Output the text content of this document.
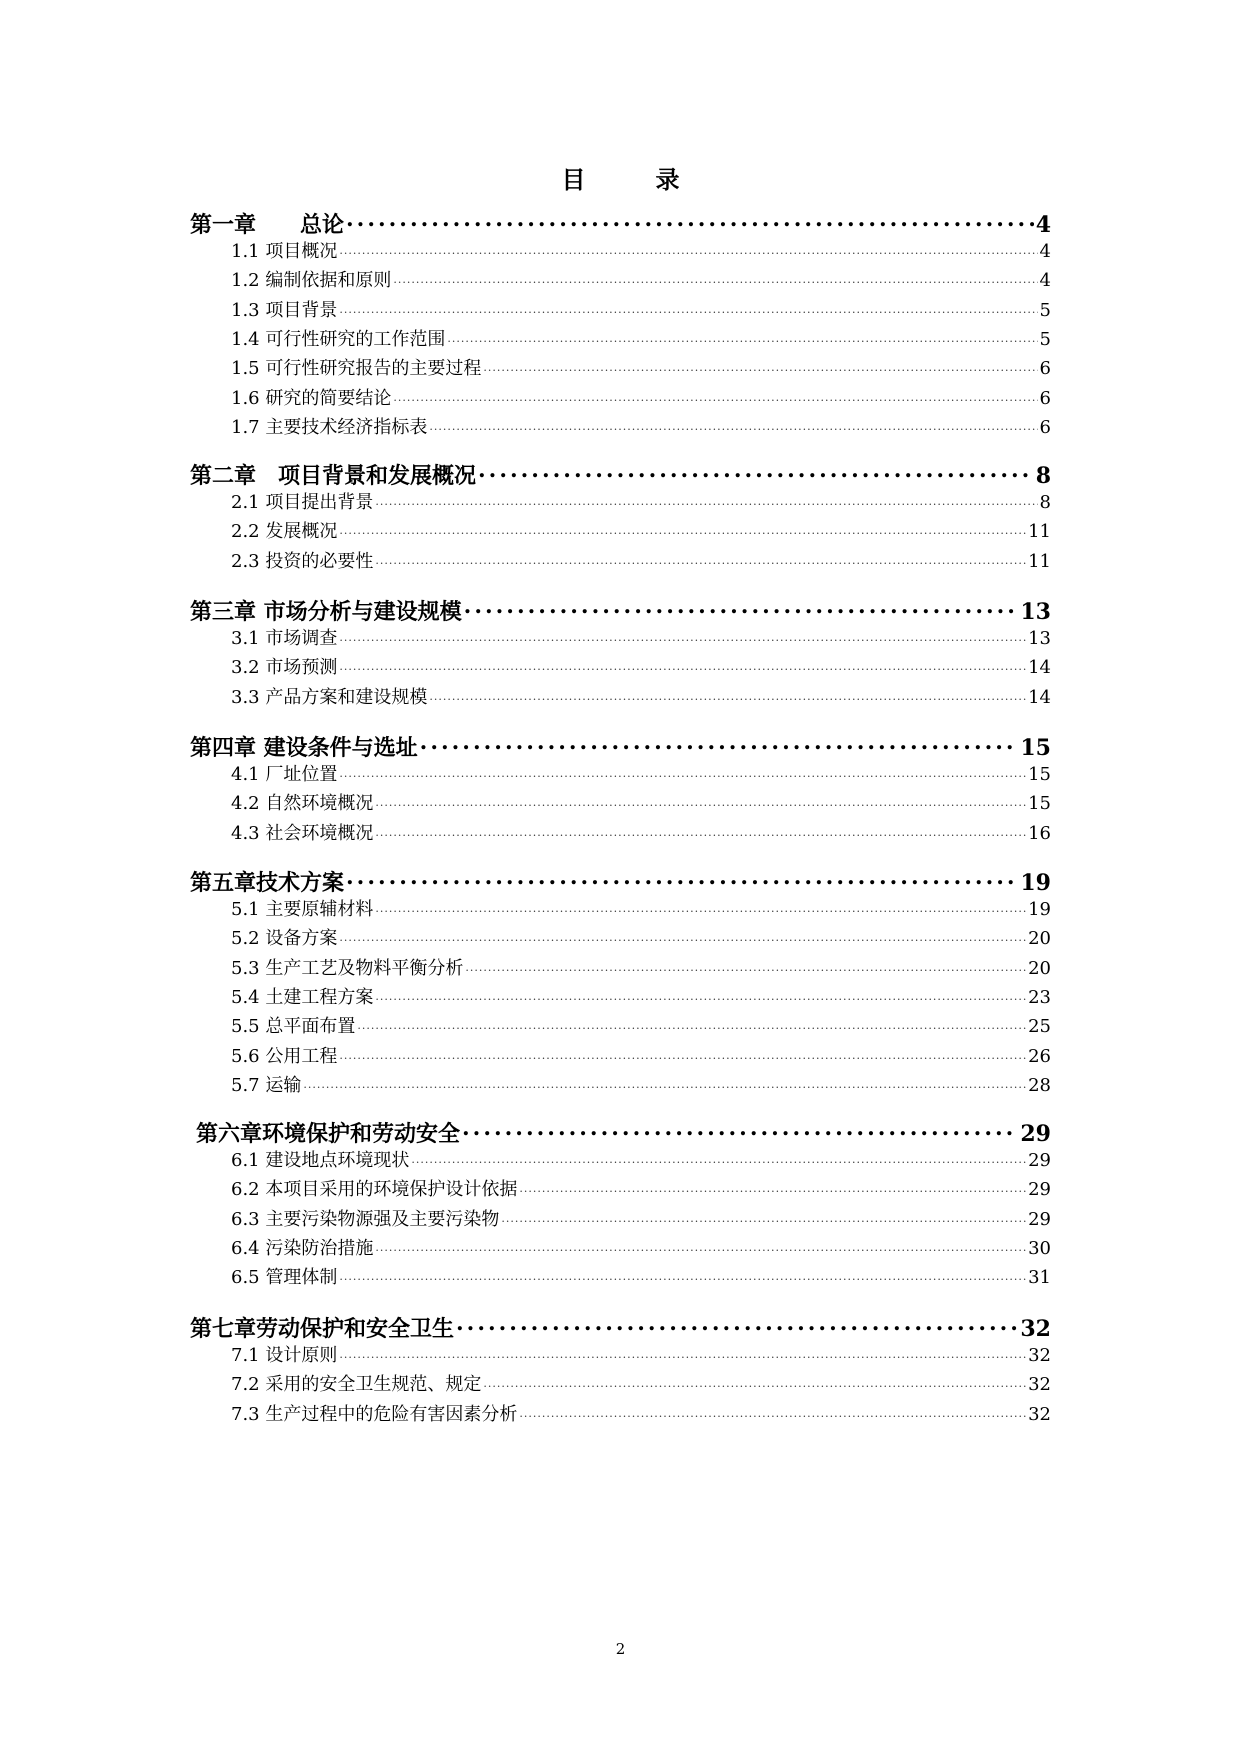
目	录
第一章　　总论 .....	4
1.1 项目概况 .....	4
1.2 编制依据和原则 .....	4
1.3 项目背景 .....	5
1.4 可行性研究的工作范围 .....	5
1.5 可行性研究报告的主要过程 .....	6
1.6 研究的简要结论 .....	6
1.7 主要技术经济指标表 .....	6
第二章　项目背景和发展概况 .....	8
2.1 项目提出背景 .....	8
2.2 发展概况 .....	11
2.3 投资的必要性 .....	11
第三章 市场分析与建设规模 .....	13
3.1 市场调查 .....	13
3.2 市场预测 .....	14
3.3 产品方案和建设规模 .....	14
第四章 建设条件与选址 .....	15
4.1 厂址位置 .....	15
4.2 自然环境概况 .....	15
4.3 社会环境概况 .....	16
第五章技术方案 .....	19
5.1 主要原辅材料 .....	19
5.2 设备方案 .....	20
5.3 生产工艺及物料平衡分析 .....	20
5.4 土建工程方案 .....	23
5.5 总平面布置 .....	25
5.6 公用工程 .....	26
5.7 运输 .....	28
第六章环境保护和劳动安全 .....	29
6.1 建设地点环境现状 .....	29
6.2 本项目采用的环境保护设计依据 .....	29
6.3 主要污染物源强及主要污染物 .....	29
6.4 污染防治措施 .....	30
6.5 管理体制 .....	31
第七章劳动保护和安全卫生 .....	32
7.1 设计原则 .....	32
7.2 采用的安全卫生规范、规定 .....	32
7.3 生产过程中的危险有害因素分析 .....	32
2
